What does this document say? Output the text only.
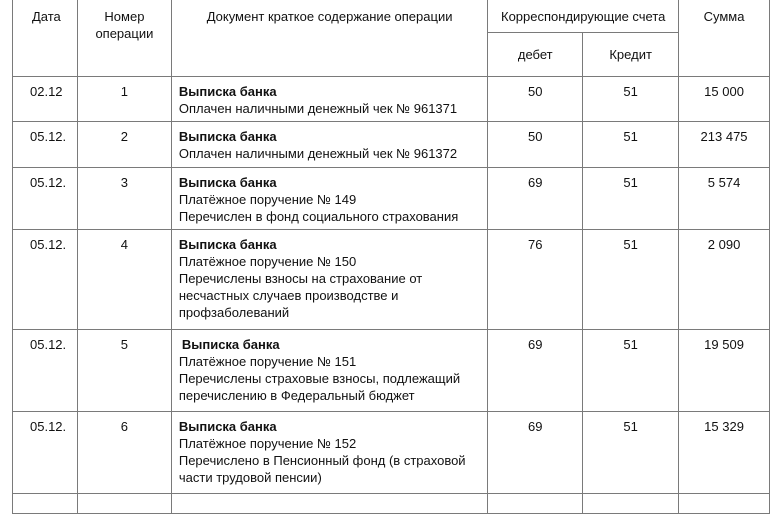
Дата	Номер
операции	Документ краткое содержание операции	Корреспондирующие счета		Сумма
			дебет	Кредит	
02.12	1	Выписка банка
Оплачен наличными денежный чек № 961371	50	51	15 000
05.12.	2	Выписка банка
Оплачен наличными денежный чек № 961372	50	51	213 475
05.12.	3	Выписка банка
Платёжное поручение № 149
Перечислен в фонд социального страхования	69	51	5 574
05.12.	4	Выписка банка
Платёжное поручение № 150
Перечислены взносы на страхование от
несчастных случаев производстве и
профзаболеваний	76	51	2 090
05.12.	5	Выписка банка
Платёжное поручение № 151
Перечислены страховые взносы, подлежащий
перечислению в Федеральный бюджет	69	51	19 509
05.12.	6	Выписка банка
Платёжное поручение № 152
Перечислено в Пенсионный фонд (в страховой
части трудовой пенсии)	69	51	15 329
